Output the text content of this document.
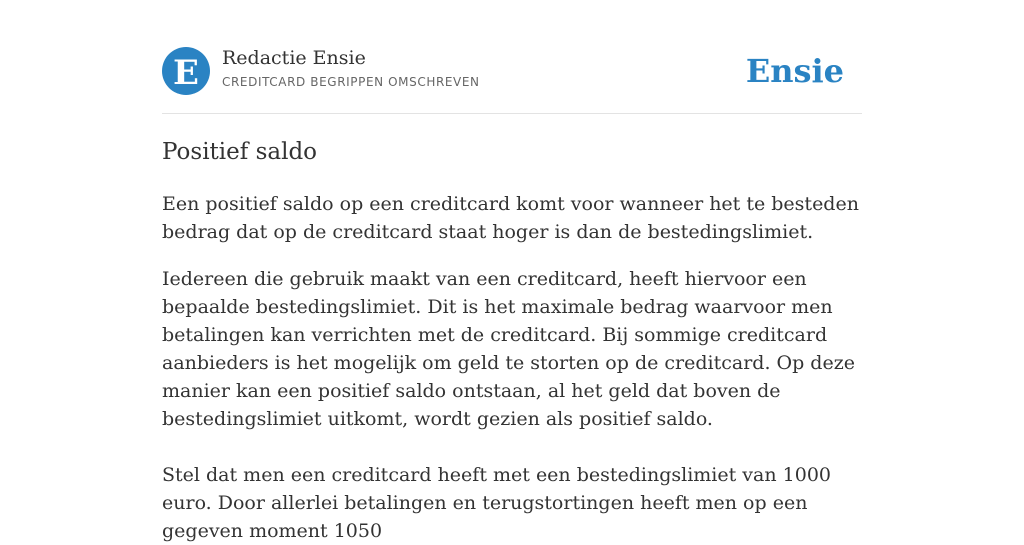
E Redactie Ensie
CREDITCARD BEGRIPPEN OMSCHREVEN	Ensie
Positief saldo

Een positief saldo op een creditcard komt voor wanneer het te besteden bedrag dat op de creditcard staat hoger is dan de bestedingslimiet.

Iedereen die gebruik maakt van een creditcard, heeft hiervoor een bepaalde bestedingslimiet. Dit is het maximale bedrag waarvoor men betalingen kan verrichten met de creditcard. Bij sommige creditcard aanbieders is het mogelijk om geld te storten op de creditcard. Op deze manier kan een positief saldo ontstaan, al het geld dat boven de bestedingslimiet uitkomt, wordt gezien als positief saldo.

Stel dat men een creditcard heeft met een bestedingslimiet van 1000 euro. Door allerlei betalingen en terugstortingen heeft men op een gegeven moment 1050
